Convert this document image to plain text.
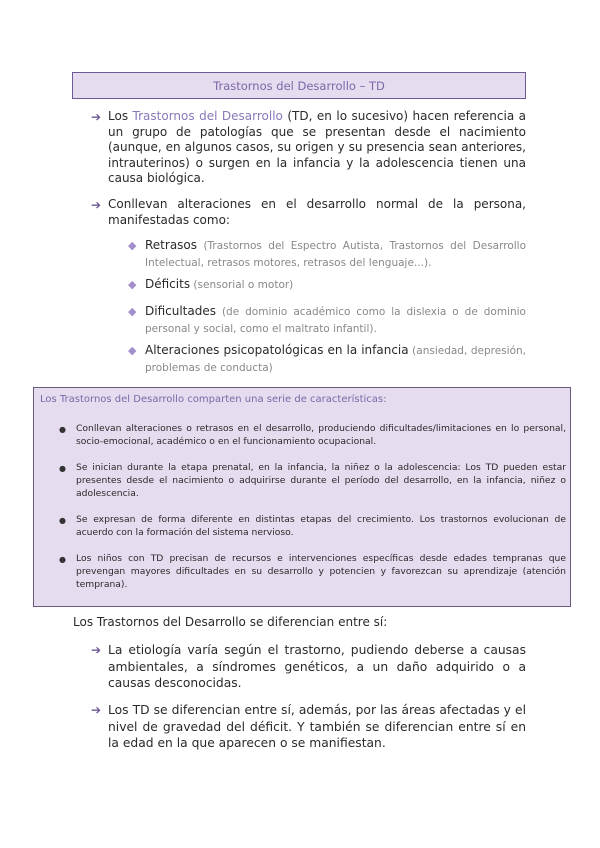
Trastornos del Desarrollo – TD
➔ Los Trastornos del Desarrollo (TD, en lo sucesivo) hacen referencia a un grupo de patologías que se presentan desde el nacimiento (aunque, en algunos casos, su origen y su presencia sean anteriores, intrauterinos) o surgen en la infancia y la adolescencia tienen una causa biológica.
➔ Conllevan alteraciones en el desarrollo normal de la persona, manifestadas como:
◆ Retrasos (Trastornos del Espectro Autista, Trastornos del Desarrollo Intelectual, retrasos motores, retrasos del lenguaje...).
◆ Déficits (sensorial o motor)
◆ Dificultades (de dominio académico como la dislexia o de dominio personal y social, como el maltrato infantil).
◆ Alteraciones psicopatológicas en la infancia (ansiedad, depresión, problemas de conducta)
Los Trastornos del Desarrollo comparten una serie de características:
● Conllevan alteraciones o retrasos en el desarrollo, produciendo dificultades/limitaciones en lo personal, socio-emocional, académico o en el funcionamiento ocupacional.
● Se inician durante la etapa prenatal, en la infancia, la niñez o la adolescencia: Los TD pueden estar presentes desde el nacimiento o adquirirse durante el período del desarrollo, en la infancia, niñez o adolescencia.
● Se expresan de forma diferente en distintas etapas del crecimiento. Los trastornos evolucionan de acuerdo con la formación del sistema nervioso.
● Los niños con TD precisan de recursos e intervenciones específicas desde edades tempranas que prevengan mayores dificultades en su desarrollo y potencien y favorezcan su aprendizaje (atención temprana).
Los Trastornos del Desarrollo se diferencian entre sí:
➔ La etiología varía según el trastorno, pudiendo deberse a causas ambientales, a síndromes genéticos, a un daño adquirido o a causas desconocidas.
➔ Los TD se diferencian entre sí, además, por las áreas afectadas y el nivel de gravedad del déficit. Y también se diferencian entre sí en la edad en la que aparecen o se manifiestan.
